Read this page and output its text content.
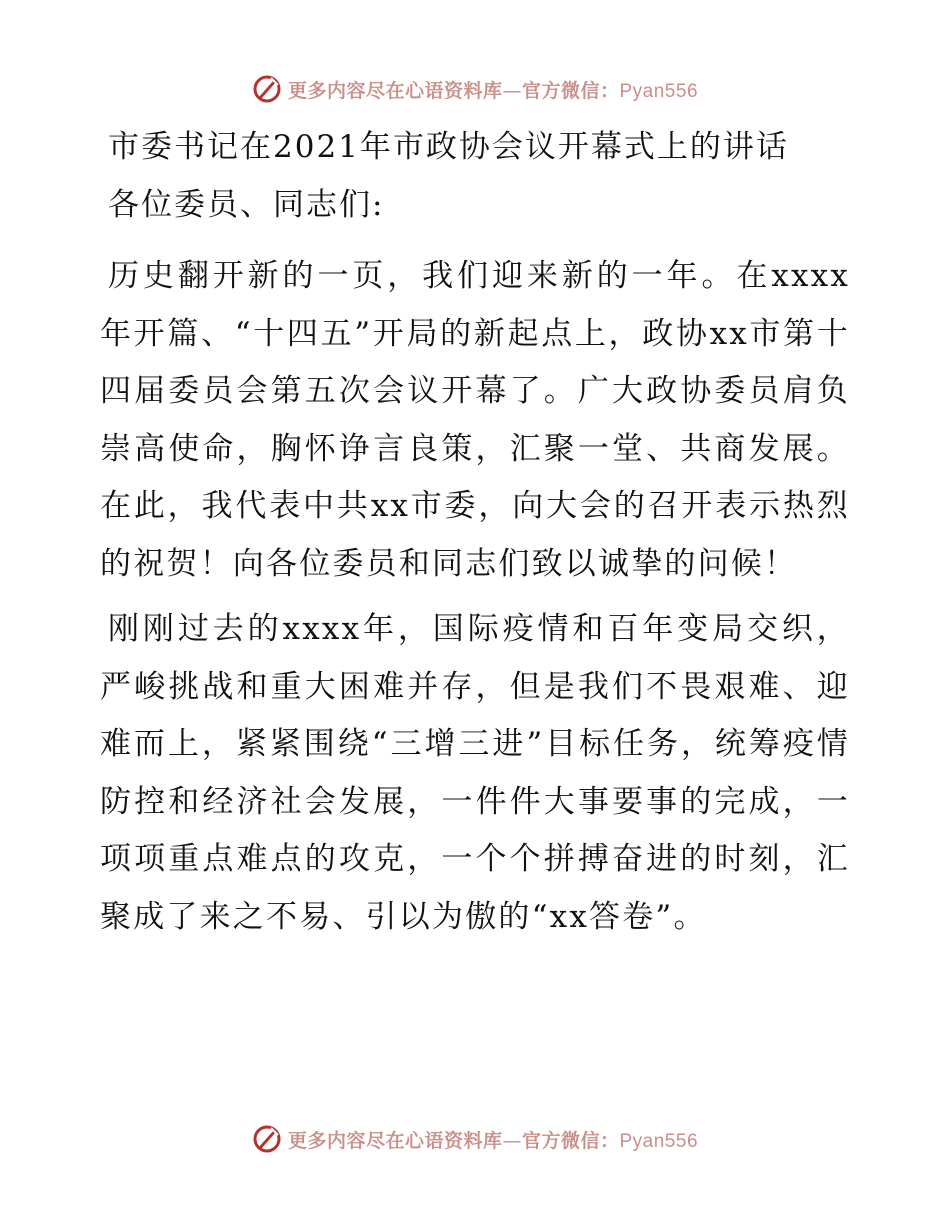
更多内容尽在心语资料库—官方微信：Pyan556
市委书记在2021年市政协会议开幕式上的讲话
各位委员、同志们:
历史翻开新的一页，我们迎来新的一年。在xxxx年开篇、“十四五”开局的新起点上，政协xx市第十四届委员会第五次会议开幕了。广大政协委员肩负崇高使命，胸怀诤言良策，汇聚一堂、共商发展。在此，我代表中共xx市委，向大会的召开表示热烈的祝贺！向各位委员和同志们致以诚挚的问候！
刚刚过去的xxxx年，国际疫情和百年变局交织，严峻挑战和重大困难并存，但是我们不畏艰难、迎难而上，紧紧围绕“三增三进”目标任务，统筹疫情防控和经济社会发展，一件件大事要事的完成，一项项重点难点的攻克，一个个拼搏奋进的时刻，汇聚成了来之不易、引以为傲的“xx答卷”。
更多内容尽在心语资料库—官方微信：Pyan556
